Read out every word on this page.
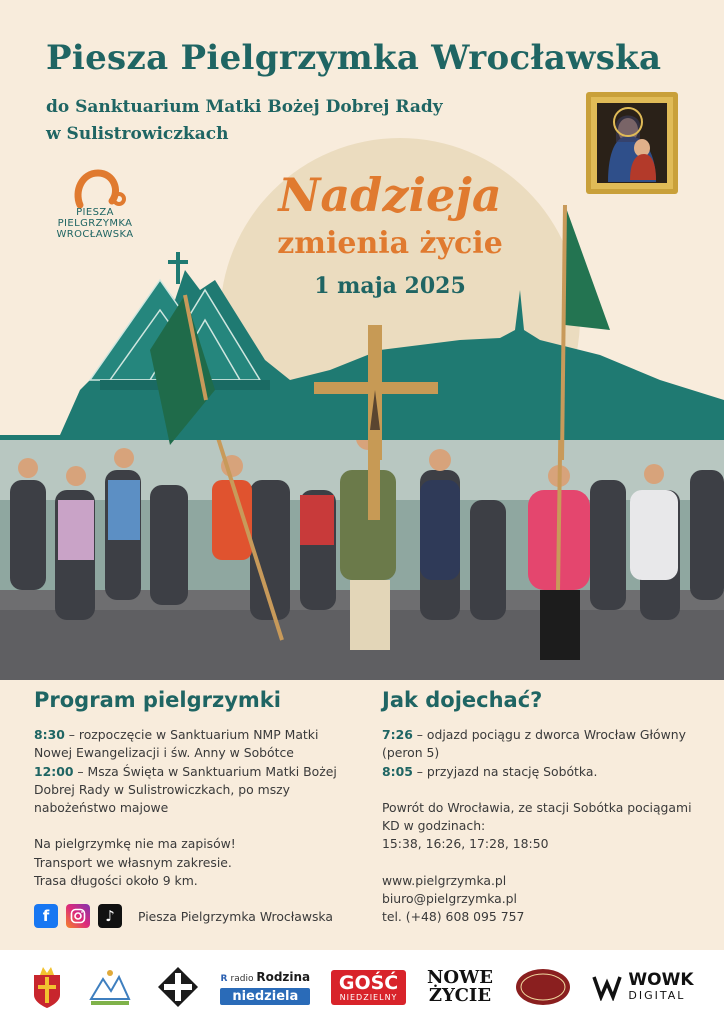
Piesza Pielgrzymka Wrocławska
do Sanktuarium Matki Bożej Dobrej Rady
w Sulistrowiczkach
PIESZA
PIELGRZYMKA
WROCŁAWSKA
Nadzieja
zmienia życie
1 maja 2025
Program pielgrzymki

8:30 – rozpoczęcie w Sanktuarium NMP Matki Nowej Ewangelizacji i św. Anny w Sobótce

12:00 – Msza Święta w Sanktuarium Matki Bożej Dobrej Rady w Sulistrowiczkach, po mszy nabożeństwo majowe

Na pielgrzymkę nie ma zapisów!

Transport we własnym zakresie.

Trasa długości około 9 km.

Jak dojechać?

7:26 – odjazd pociągu z dworca Wrocław Główny (peron 5)

8:05 – przyjazd na stację Sobótka.

Powrót do Wrocławia, ze stacji Sobótka pociągami KD w godzinach:

15:38, 16:26, 17:28, 18:50

www.pielgrzymka.pl
biuro@pielgrzymka.pl

tel. (+48) 608 095 757

f	♪	Piesza Pielgrzymka Wrocławska
R radio Rodzina
niedziela
GOŚĆ
NIEDZIELNY
NOWE
ŻYCIE
WOWK
DIGITAL
